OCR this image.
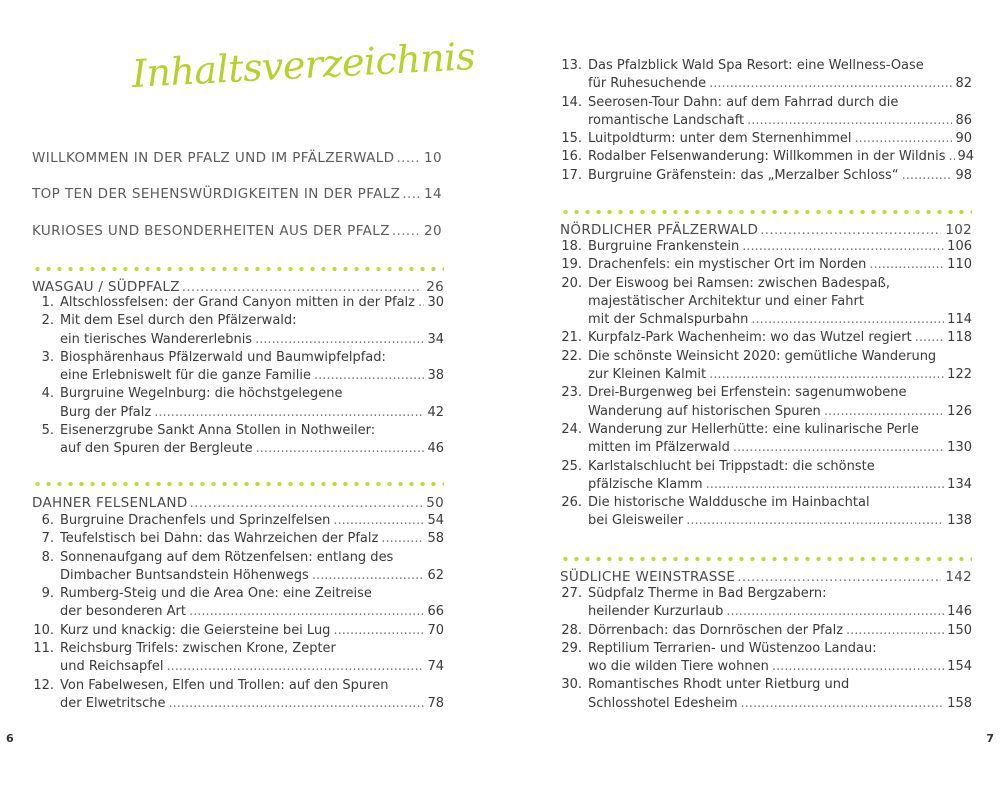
Inhaltsverzeichnis
WILLKOMMEN IN DER PFALZ UND IM PFÄLZERWALD ..... 10
TOP TEN DER SEHENSWÜRDIGKEITEN IN DER PFALZ ..... 14
KURIOSES UND BESONDERHEITEN AUS DER PFALZ .....	20
WASGAU / SÜDPFALZ .....	26
1. Altschlossfelsen: der Grand Canyon mitten in der Pfalz ..... 30
2. Mit dem Esel durch den Pfälzerwald:
ein tierisches Wandererlebnis .....	34
3. Biosphärenhaus Pfälzerwald und Baumwipfelpfad:
eine Erlebniswelt für die ganze Familie .....	38
4. Burgruine Wegelnburg: die höchstgelegene
Burg der Pfalz .....	42
5. Eisenerzgrube Sankt Anna Stollen in Nothweiler:
auf den Spuren der Bergleute .....	46
DAHNER FELSENLAND .....	50
6. Burgruine Drachenfels und Sprinzelfelsen .....	54
7. Teufelstisch bei Dahn: das Wahrzeichen der Pfalz .....	58
8. Sonnenaufgang auf dem Rötzenfelsen: entlang des
Dimbacher Buntsandstein Höhenwegs .....	62
9. Rumberg-Steig und die Area One: eine Zeitreise
der besonderen Art .....	66
10. Kurz und knackig: die Geiersteine bei Lug .....	70
11. Reichsburg Trifels: zwischen Krone, Zepter
und Reichsapfel .....	74
12. Von Fabelwesen, Elfen und Trollen: auf den Spuren
der Elwetritsche .....	78
6
13. Das Pfalzblick Wald Spa Resort: eine Wellness-Oase
für Ruhesuchende .....	82
14. Seerosen-Tour Dahn: auf dem Fahrrad durch die
romantische Landschaft .....	86
15. Luitpoldturm: unter dem Sternenhimmel .....	90
16. Rodalber Felsenwanderung: Willkommen in der Wildnis ..... 94
17. Burgruine Gräfenstein: das „Merzalber Schloss“ .....	98
NÖRDLICHER PFÄLZERWALD .....	102
18. Burgruine Frankenstein .....	106
19. Drachenfels: ein mystischer Ort im Norden .....	110
20. Der Eiswoog bei Ramsen: zwischen Badespaß,
majestätischer Architektur und einer Fahrt
mit der Schmalspurbahn .....	114
21. Kurpfalz-Park Wachenheim: wo das Wutzel regiert .....	118
22. Die schönste Weinsicht 2020: gemütliche Wanderung
zur Kleinen Kalmit .....	122
23. Drei-Burgenweg bei Erfenstein: sagenumwobene
Wanderung auf historischen Spuren .....	126
24. Wanderung zur Hellerhütte: eine kulinarische Perle
mitten im Pfälzerwald .....	130
25. Karlstalschlucht bei Trippstadt: die schönste
pfälzische Klamm .....	134
26. Die historische Walddusche im Hainbachtal
bei Gleisweiler .....	138
SÜDLICHE WEINSTRASSE .....	142
27. Südpfalz Therme in Bad Bergzabern:
heilender Kurzurlaub .....	146
28. Dörrenbach: das Dornröschen der Pfalz .....	150
29. Reptilium Terrarien- und Wüstenzoo Landau:
wo die wilden Tiere wohnen .....	154
30. Romantisches Rhodt unter Rietburg und
Schlosshotel Edesheim .....	158
7
